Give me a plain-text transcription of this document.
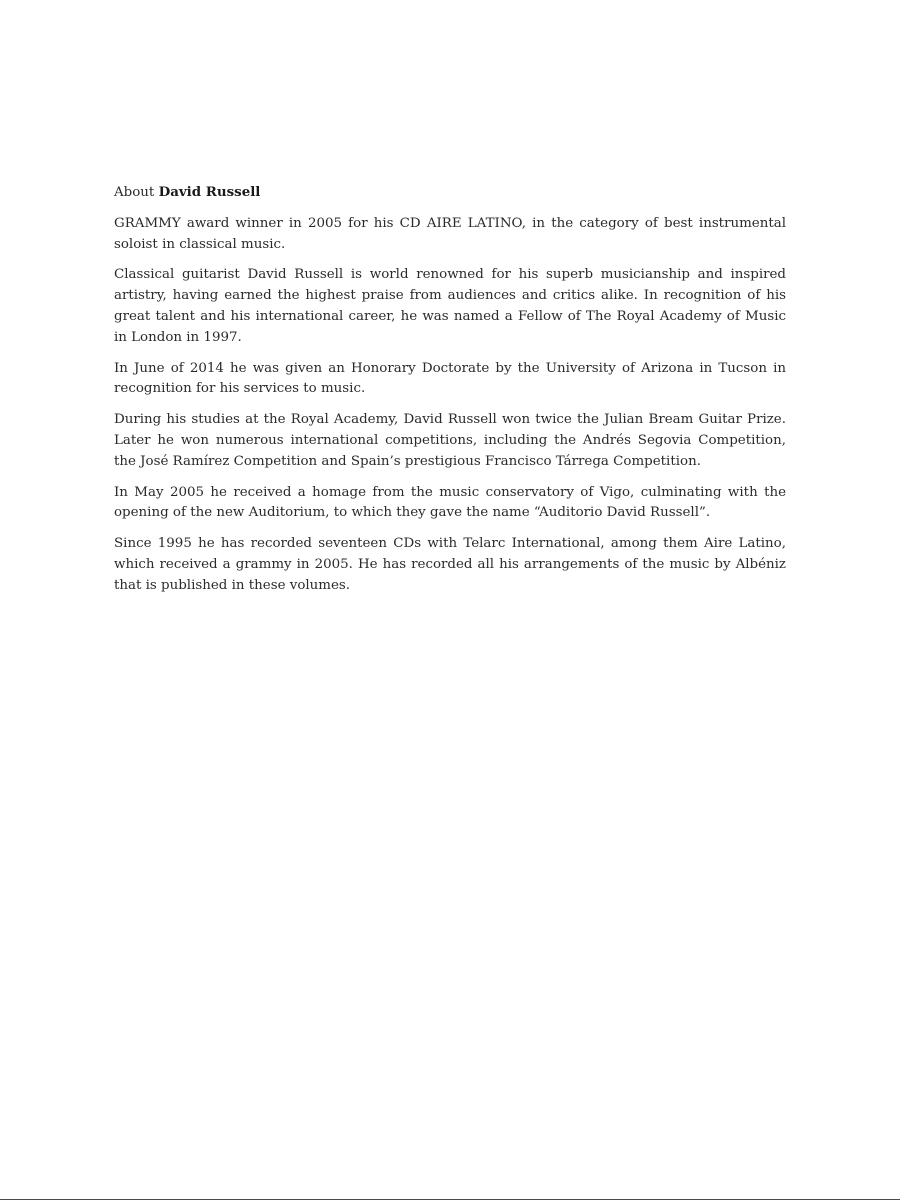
About David Russell

GRAMMY award winner in 2005 for his CD AIRE LATINO, in the category of best instrumental soloist in classical music.

Classical guitarist David Russell is world renowned for his superb musicianship and inspired artistry, having earned the highest praise from audiences and critics alike. In recognition of his great talent and his international career, he was named a Fellow of The Royal Academy of Music in London in 1997.

In June of 2014 he was given an Honorary Doctorate by the University of Arizona in Tucson in recognition for his services to music.

During his studies at the Royal Academy, David Russell won twice the Julian Bream Guitar Prize. Later he won numerous international competitions, including the Andrés Segovia Competition, the José Ramírez Competition and Spain’s prestigious Francisco Tárrega Competition.

In May 2005 he received a homage from the music conservatory of Vigo, culminating with the opening of the new Auditorium, to which they gave the name “Auditorio David Russell”.

Since 1995 he has recorded seventeen CDs with Telarc International, among them Aire Latino, which received a grammy in 2005. He has recorded all his arrangements of the music by Albéniz that is published in these volumes.
